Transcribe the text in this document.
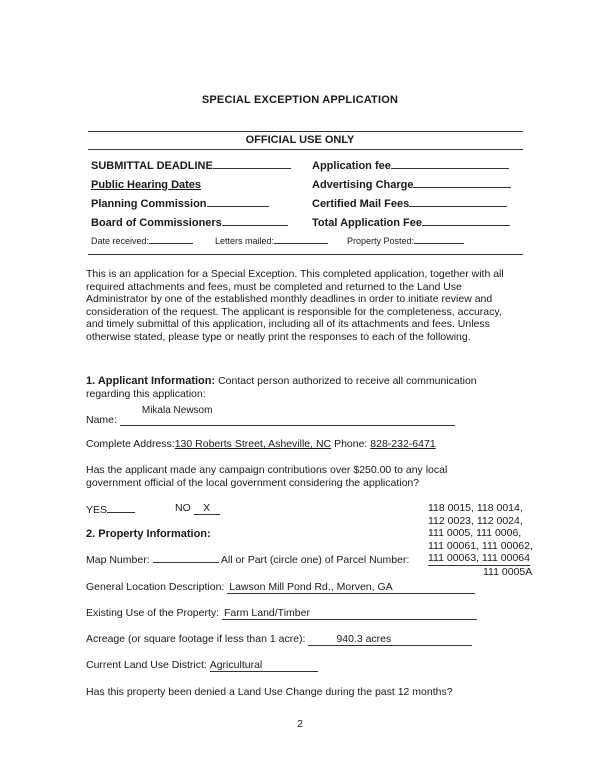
SPECIAL EXCEPTION APPLICATION
OFFICIAL USE ONLY
SUBMITTAL DEADLINE	Application fee
Public Hearing Dates	Advertising Charge
Planning Commission	Certified Mail Fees
Board of Commissioners	Total Application Fee
Date received:	Letters mailed:	Property Posted:
This is an application for a Special Exception. This completed application, together with all required attachments and fees, must be completed and returned to the Land Use Administrator by one of the established monthly deadlines in order to initiate review and consideration of the request. The applicant is responsible for the completeness, accuracy, and timely submittal of this application, including all of its attachments and fees. Unless otherwise stated, please type or neatly print the responses to each of the following.
1. Applicant Information: Contact person authorized to receive all communication
regarding this application:
Name:
Mikala Newsom
Complete Address:130 Roberts Street, Asheville, NC Phone: 828-232-6471
Has the applicant made any campaign contributions over $250.00 to any local
government official of the local government considering the application?
YES	NO X
2. Property Information:
118 0015, 118 0014,
112 0023, 112 0024,
111 0005, 111 0006,
111 00061, 111 00062,
111 00063, 111 00064
111 0005A
Map Number:	All or Part (circle one) of Parcel Number:
General Location Description: Lawson Mill Pond Rd., Morven, GA
Existing Use of the Property: Farm Land/Timber
Acreage (or square footage if less than 1 acre):	940.3 acres
Current Land Use District: Agricultural
Has this property been denied a Land Use Change during the past 12 months?
2
